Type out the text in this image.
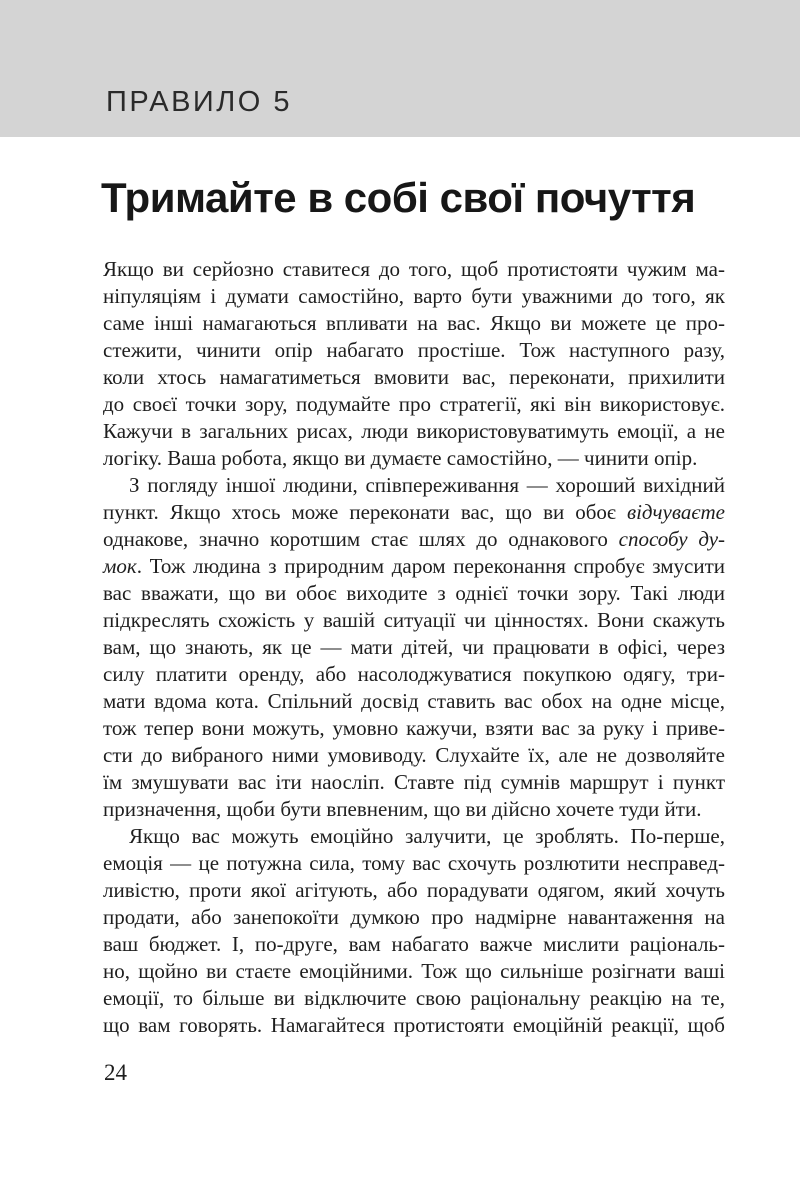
ПРАВИЛО 5
Тримайте в собі свої почуття
Якщо ви серйозно ставитеся до того, щоб протистояти чужим ма-
ніпуляціям і думати самостійно, варто бути уважними до того, як
саме інші намагаються впливати на вас. Якщо ви можете це про-
стежити, чинити опір набагато простіше. Тож наступного разу,
коли хтось намагатиметься вмовити вас, переконати, прихилити
до своєї точки зору, подумайте про стратегії, які він використовує.
Кажучи в загальних рисах, люди використовуватимуть емоції, а не
логіку. Ваша робота, якщо ви думаєте самостійно, — чинити опір.
З погляду іншої людини, співпереживання — хороший вихідний
пункт. Якщо хтось може переконати вас, що ви обоє відчуваєте
однакове, значно коротшим стає шлях до однакового способу ду-
мок. Тож людина з природним даром переконання спробує змусити
вас вважати, що ви обоє виходите з однієї точки зору. Такі люди
підкреслять схожість у вашій ситуації чи цінностях. Вони скажуть
вам, що знають, як це — мати дітей, чи працювати в офісі, через
силу платити оренду, або насолоджуватися покупкою одягу, три-
мати вдома кота. Спільний досвід ставить вас обох на одне місце,
тож тепер вони можуть, умовно кажучи, взяти вас за руку і приве-
сти до вибраного ними умовиводу. Слухайте їх, але не дозволяйте
їм змушувати вас іти наосліп. Ставте під сумнів маршрут і пункт
призначення, щоби бути впевненим, що ви дійсно хочете туди йти.
Якщо вас можуть емоційно залучити, це зроблять. По-перше,
емоція — це потужна сила, тому вас схочуть розлютити несправед-
ливістю, проти якої агітують, або порадувати одягом, який хочуть
продати, або занепокоїти думкою про надмірне навантаження на
ваш бюджет. І, по-друге, вам набагато важче мислити раціональ-
но, щойно ви стаєте емоційними. Тож що сильніше розігнати ваші
емоції, то більше ви відключите свою раціональну реакцію на те,
що вам говорять. Намагайтеся протистояти емоційній реакції, щоб
24
